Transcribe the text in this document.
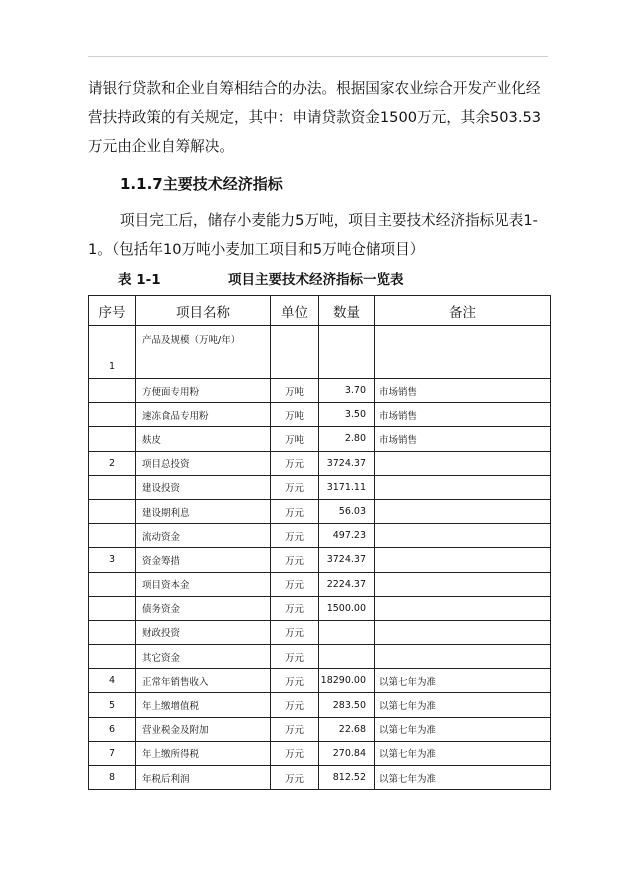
请银行贷款和企业自筹相结合的办法。根据国家农业综合开发产业化经营扶持政策的有关规定，其中：申请贷款资金1500万元，其余503.53万元由企业自筹解决。

1.1.7主要技术经济指标

项目完工后，储存小麦能力5万吨，项目主要技术经济指标见表1-1。（包括年10万吨小麦加工项目和5万吨仓储项目）

表 1-1	项目主要技术经济指标一览表
序号	项目名称	单位	数量	备注
1	产品及规模（万吨/年）			
	方便面专用粉	万吨	3.70	市场销售
	速冻食品专用粉	万吨	3.50	市场销售
	麸皮	万吨	2.80	市场销售
2	项目总投资	万元	3724.37	
	建设投资	万元	3171.11	
	建设期利息	万元	56.03	
	流动资金	万元	497.23	
3	资金筹措	万元	3724.37	
	项目资本金	万元	2224.37	
	债务资金	万元	1500.00	
	财政投资	万元		
	其它资金	万元		
4	正常年销售收入	万元	18290.00	以第七年为准
5	年上缴增值税	万元	283.50	以第七年为准
6	营业税金及附加	万元	22.68	以第七年为准
7	年上缴所得税	万元	270.84	以第七年为准
8	年税后利润	万元	812.52	以第七年为准
